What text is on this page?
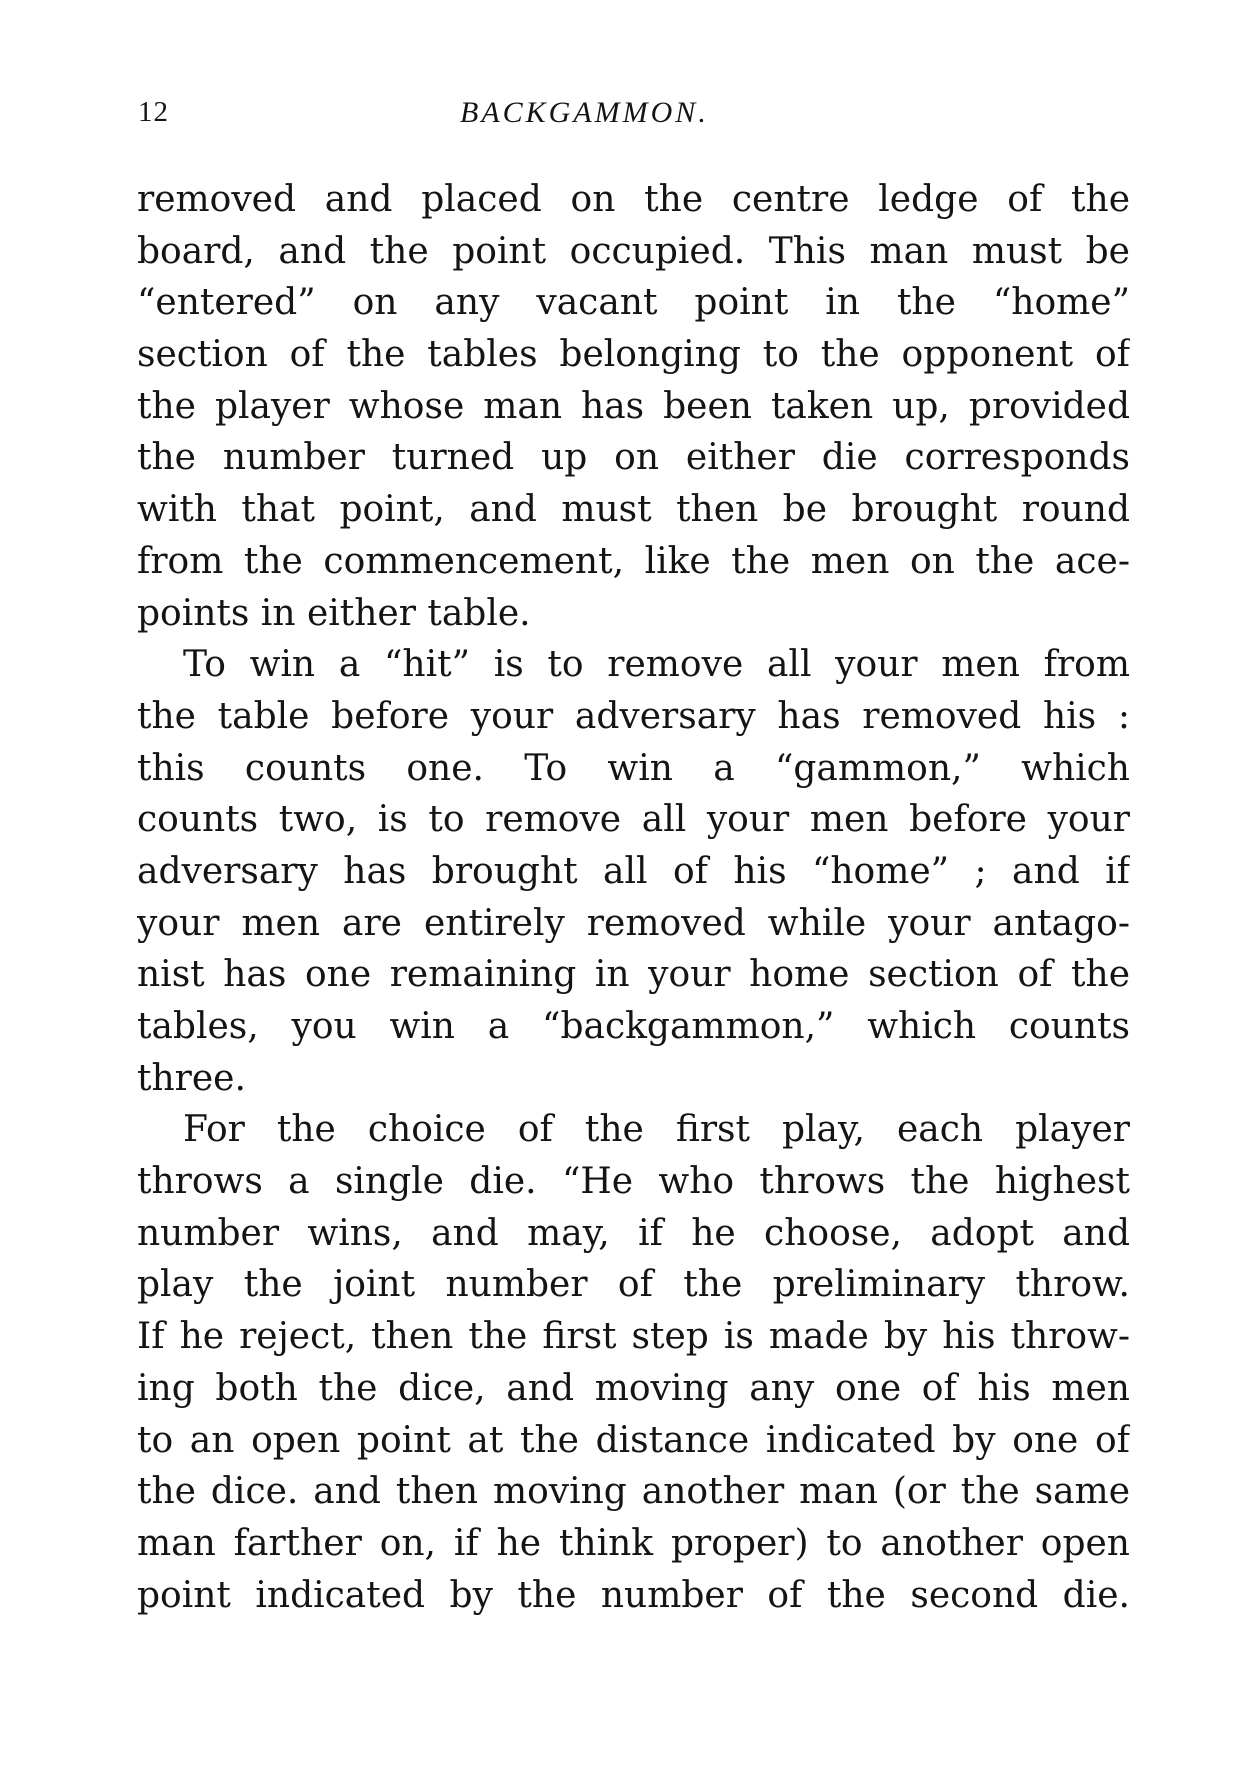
12	BACKGAMMON.
removed and placed on the centre ledge of the
board, and the point occupied. This man must be
“entered” on any vacant point in the “home”
section of the tables belonging to the opponent of
the player whose man has been taken up, provided
the number turned up on either die corresponds
with that point, and must then be brought round
from the commencement, like the men on the ace-
points in either table.
To win a “hit” is to remove all your men from
the table before your adversary has removed his :
this counts one. To win a “gammon,” which
counts two, is to remove all your men before your
adversary has brought all of his “home” ; and if
your men are entirely removed while your antago-
nist has one remaining in your home section of the
tables, you win a “backgammon,” which counts
three.
For the choice of the first play, each player
throws a single die. “He who throws the highest
number wins, and may, if he choose, adopt and
play the joint number of the preliminary throw.
If he reject, then the first step is made by his throw-
ing both the dice, and moving any one of his men
to an open point at the distance indicated by one of
the dice. and then moving another man (or the same
man farther on, if he think proper) to another open
point indicated by the number of the second die.
